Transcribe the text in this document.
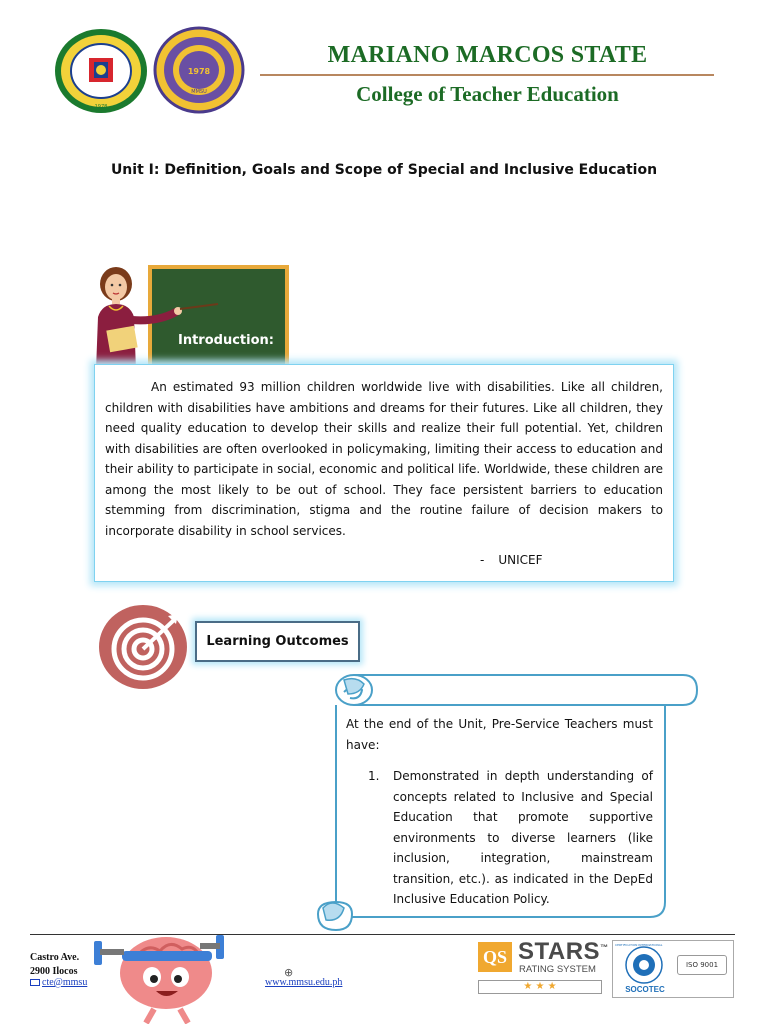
1978
1978
MMSU
MARIANO MARCOS STATE
College of Teacher Education
Unit I: Definition, Goals and Scope of Special and Inclusive Education
Introduction:

An estimated 93 million children worldwide live with disabilities. Like all children, children with disabilities have ambitions and dreams for their futures. Like all children, they need quality education to develop their skills and realize their full potential. Yet, children with disabilities are often overlooked in policymaking, limiting their access to education and their ability to participate in social, economic and political life. Worldwide, these children are among the most likely to be out of school. They face persistent barriers to education stemming from discrimination, stigma and the routine failure of decision makers to incorporate disability in school services.

- UNICEF
Learning Outcomes
At the end of the Unit, Pre-Service Teachers must have:
1. Demonstrated in depth understanding of concepts related to Inclusive and Special Education that promote supportive environments to diverse learners (like inclusion, integration, mainstream transition, etc.). as indicated in the DepEd Inclusive Education Policy.
Castro Ave.
2900 Ilocos
cte@mmsu
⊕
www.mmsu.edu.ph
QS STARS™
RATING SYSTEM
★ ★ ★
CERTIFICATION INTERNATIONAL
SOCOTEC
ISO 9001
